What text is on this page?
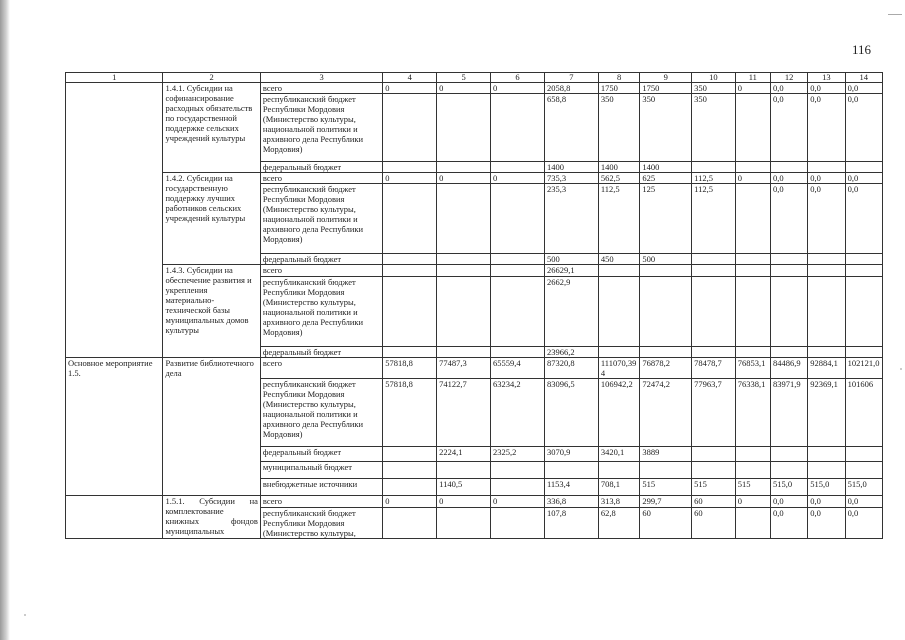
116
1	2	3	4	5	6	7	8	9	10	11	12	13	14
	1.4.1. Субсидии на софинансирование расходных обязательств по государственной поддержке сельских учреждений культуры	всего	0	0	0	2058,8	1750	1750	350	0	0,0	0,0	0,0
		республиканский бюджет Республики Мордовия (Министерство культуры, национальной политики и архивного дела Республики Мордовия)				658,8	350	350	350		0,0	0,0	0,0
		федеральный бюджет				1400	1400	1400					
	1.4.2. Субсидии на государственную поддержку лучших работников сельских учреждений культуры	всего	0	0	0	735,3	562,5	625	112,5	0	0,0	0,0	0,0
		республиканский бюджет Республики Мордовия (Министерство культуры, национальной политики и архивного дела Республики Мордовия)				235,3	112,5	125	112,5		0,0	0,0	0,0
		федеральный бюджет				500	450	500					
	1.4.3. Субсидии на обеспечение развития и укрепления материально-технической базы муниципальных домов культуры	всего				26629,1							
		республиканский бюджет Республики Мордовия (Министерство культуры, национальной политики и архивного дела Республики Мордовия)				2662,9							
		федеральный бюджет				23966,2							
Основное мероприятие 1.5.	Развитие библиотечного дела	всего	57818,8	77487,3	65559,4	87320,8	111070,39 4	76878,2	78478,7	76853,1	84486,9	92884,1	102121,0
		республиканский бюджет Республики Мордовия (Министерство культуры, национальной политики и архивного дела Республики Мордовия)	57818,8	74122,7	63234,2	83096,5	106942,2	72474,2	77963,7	76338,1	83971,9	92369,1	101606
		федеральный бюджет		2224,1	2325,2	3070,9	3420,1	3889					
		муниципальный бюджет											
		внебюджетные источники		1140,5		1153,4	708,1	515	515	515	515,0	515,0	515,0
	1.5.1. Субсидии на комплектование книжных фондов муниципальных	всего	0	0	0	336,8	313,8	299,7	60	0	0,0	0,0	0,0
		республиканский бюджет Республики Мордовия (Министерство культуры,				107,8	62,8	60	60		0,0	0,0	0,0
